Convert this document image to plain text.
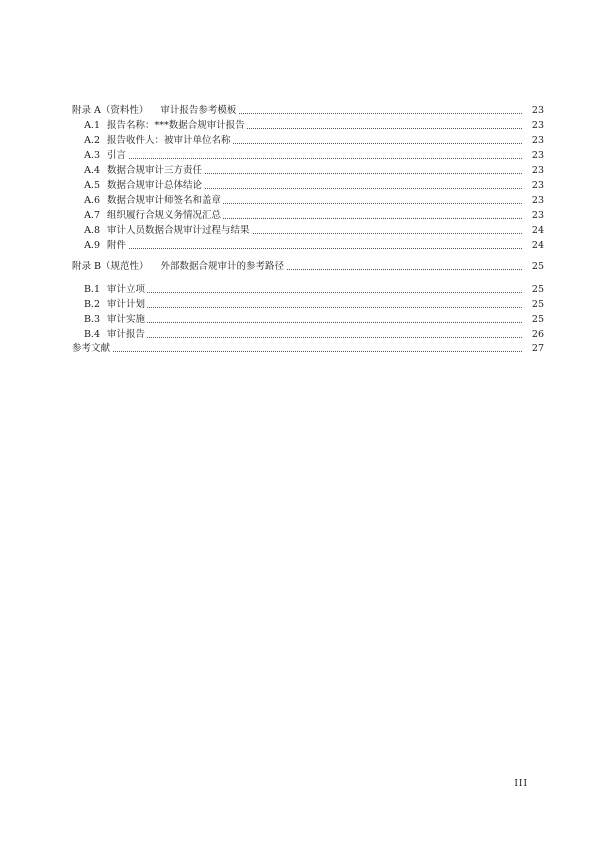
附录 A（资料性） 审计报告参考模板	23
A.1 报告名称：***数据合规审计报告	23
A.2 报告收件人：被审计单位名称	23
A.3 引言	23
A.4 数据合规审计三方责任	23
A.5 数据合规审计总体结论	23
A.6 数据合规审计师签名和盖章	23
A.7 组织履行合规义务情况汇总	23
A.8 审计人员数据合规审计过程与结果	24
A.9 附件	24
附录 B（规范性） 外部数据合规审计的参考路径	25
B.1 审计立项	25
B.2 审计计划	25
B.3 审计实施	25
B.4 审计报告	26
参考文献	27
III
